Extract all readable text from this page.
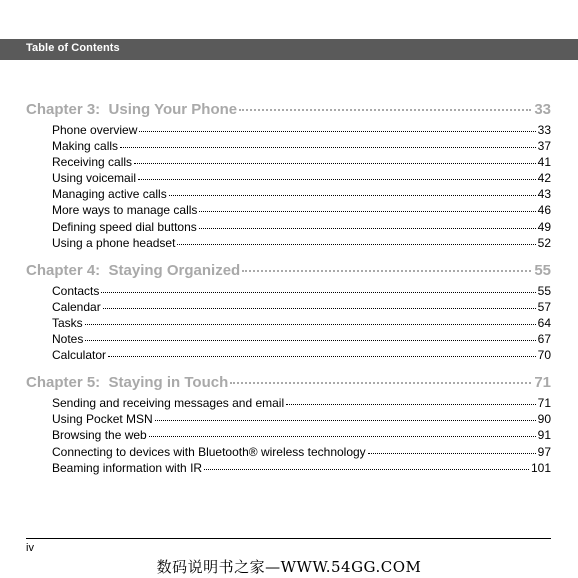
Table of Contents
Chapter 3:  Using Your Phone	33
Phone overview	33
Making calls	37
Receiving calls	41
Using voicemail	42
Managing active calls	43
More ways to manage calls	46
Defining speed dial buttons	49
Using a phone headset	52
Chapter 4:  Staying Organized	55
Contacts	55
Calendar	57
Tasks	64
Notes	67
Calculator	70
Chapter 5:  Staying in Touch	71
Sending and receiving messages and email	71
Using Pocket MSN	90
Browsing the web	91
Connecting to devices with Bluetooth® wireless technology	97
Beaming information with IR	101
iv
数码说明书之家—WWW.54GG.COM
